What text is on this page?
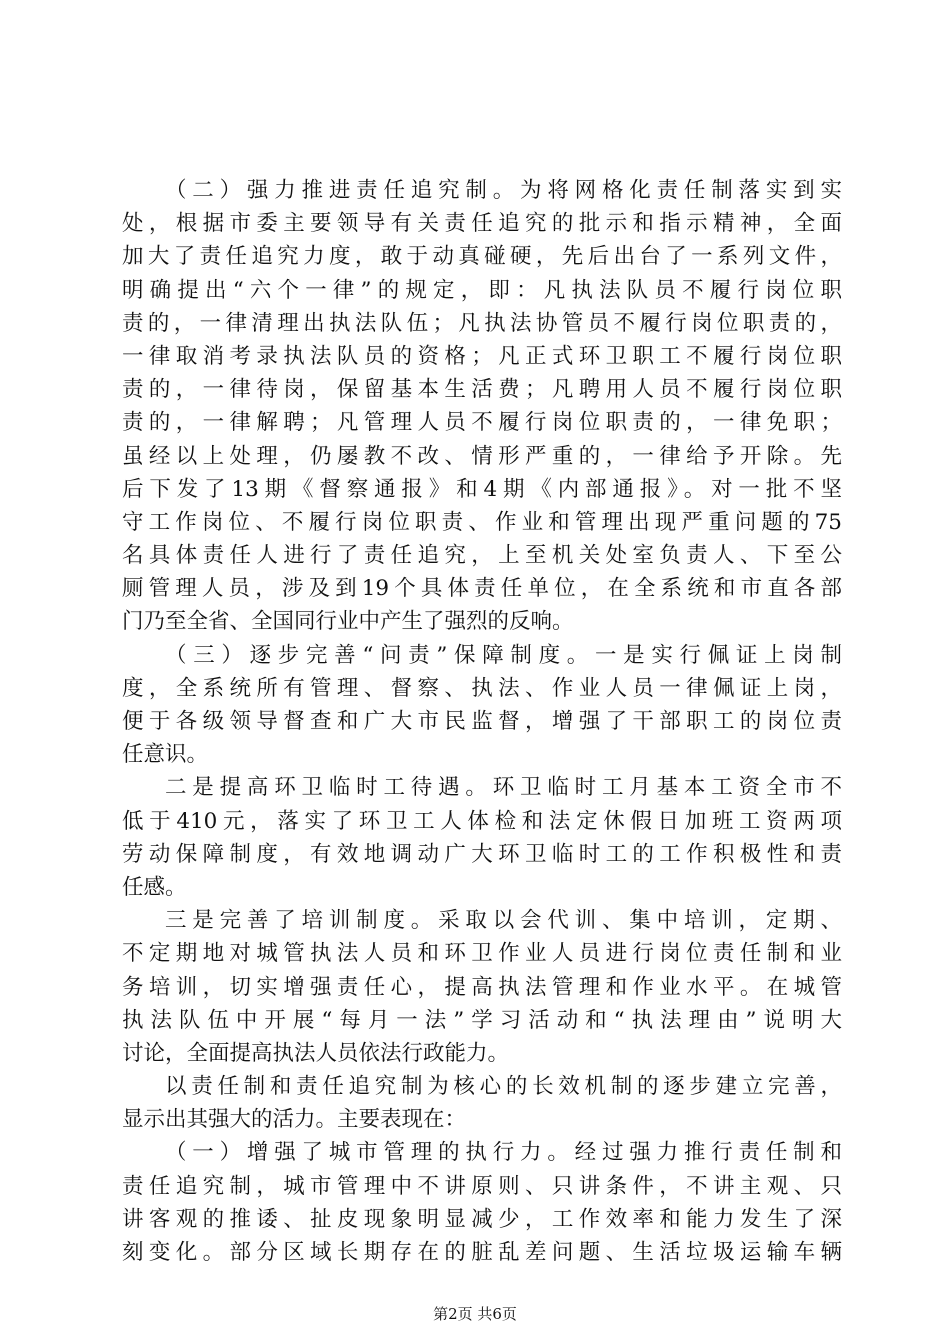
（二）强力推进责任追究制。为将网格化责任制落实到实
处，根据市委主要领导有关责任追究的批示和指示精神，全面
加大了责任追究力度，敢于动真碰硬，先后出台了一系列文件，
明确提出“六个一律”的规定，即：凡执法队员不履行岗位职
责的，一律清理出执法队伍；凡执法协管员不履行岗位职责的，
一律取消考录执法队员的资格；凡正式环卫职工不履行岗位职
责的，一律待岗，保留基本生活费；凡聘用人员不履行岗位职
责的，一律解聘；凡管理人员不履行岗位职责的，一律免职；
虽经以上处理，仍屡教不改、情形严重的，一律给予开除。先
后下发了13期《督察通报》和4期《内部通报》。对一批不坚
守工作岗位、不履行岗位职责、作业和管理出现严重问题的75
名具体责任人进行了责任追究，上至机关处室负责人、下至公
厕管理人员，涉及到19个具体责任单位，在全系统和市直各部
门乃至全省、全国同行业中产生了强烈的反响。
（三）逐步完善“问责”保障制度。一是实行佩证上岗制
度，全系统所有管理、督察、执法、作业人员一律佩证上岗，
便于各级领导督查和广大市民监督，增强了干部职工的岗位责
任意识。
二是提高环卫临时工待遇。环卫临时工月基本工资全市不
低于410元，落实了环卫工人体检和法定休假日加班工资两项
劳动保障制度，有效地调动广大环卫临时工的工作积极性和责
任感。
三是完善了培训制度。采取以会代训、集中培训，定期、
不定期地对城管执法人员和环卫作业人员进行岗位责任制和业
务培训，切实增强责任心，提高执法管理和作业水平。在城管
执法队伍中开展“每月一法”学习活动和“执法理由”说明大
讨论，全面提高执法人员依法行政能力。
以责任制和责任追究制为核心的长效机制的逐步建立完善，
显示出其强大的活力。主要表现在：
（一）增强了城市管理的执行力。经过强力推行责任制和
责任追究制，城市管理中不讲原则、只讲条件，不讲主观、只
讲客观的推诿、扯皮现象明显减少，工作效率和能力发生了深
刻变化。部分区域长期存在的脏乱差问题、生活垃圾运输车辆
第2页 共6页
